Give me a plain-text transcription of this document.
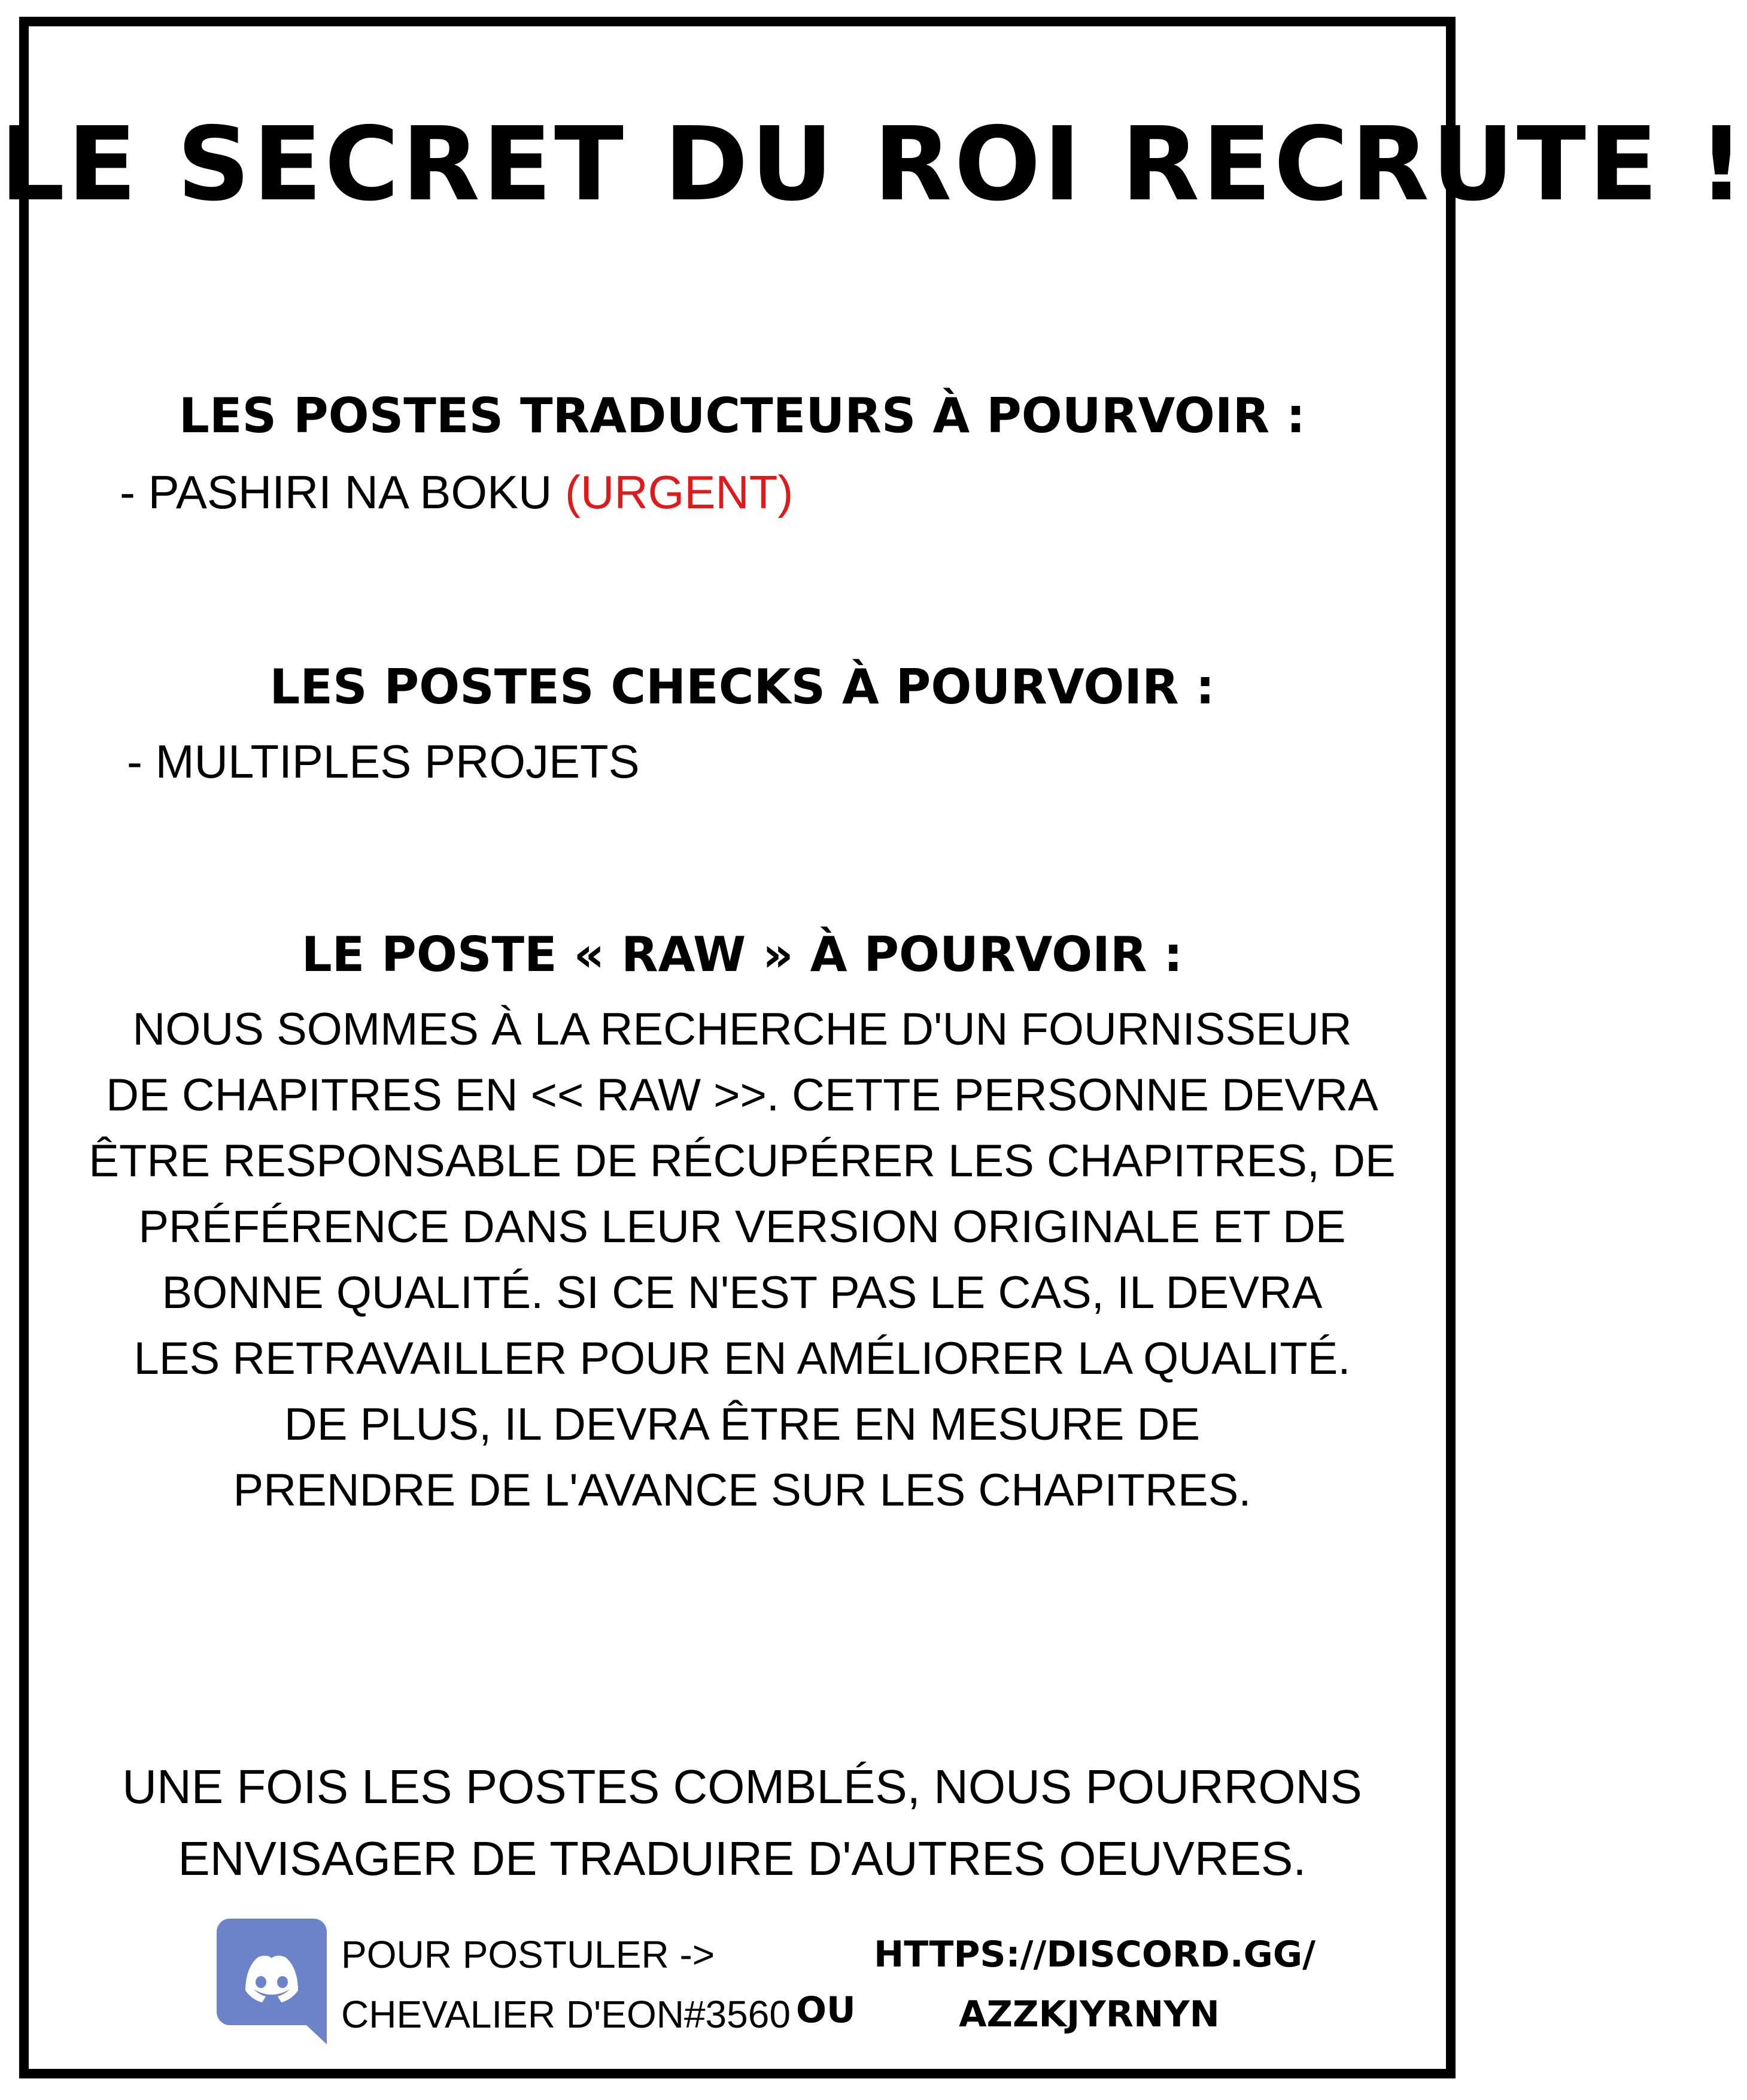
LE SECRET DU ROI RECRUTE !
LES POSTES TRADUCTEURS À POURVOIR :
- PASHIRI NA BOKU (URGENT)
LES POSTES CHECKS À POURVOIR :
- MULTIPLES PROJETS
LE POSTE « RAW » À POURVOIR :
NOUS SOMMES À LA RECHERCHE D'UN FOURNISSEUR
DE CHAPITRES EN << RAW >>. CETTE PERSONNE DEVRA
ÊTRE RESPONSABLE DE RÉCUPÉRER LES CHAPITRES, DE
PRÉFÉRENCE DANS LEUR VERSION ORIGINALE ET DE
BONNE QUALITÉ. SI CE N'EST PAS LE CAS, IL DEVRA
LES RETRAVAILLER POUR EN AMÉLIORER LA QUALITÉ.
DE PLUS, IL DEVRA ÊTRE EN MESURE DE
PRENDRE DE L'AVANCE SUR LES CHAPITRES.
UNE FOIS LES POSTES COMBLÉS, NOUS POURRONS
ENVISAGER DE TRADUIRE D'AUTRES OEUVRES.
POUR POSTULER ->
CHEVALIER D'EON#3560 OU
HTTPS://DISCORD.GG/
AZZKJYRNYN
